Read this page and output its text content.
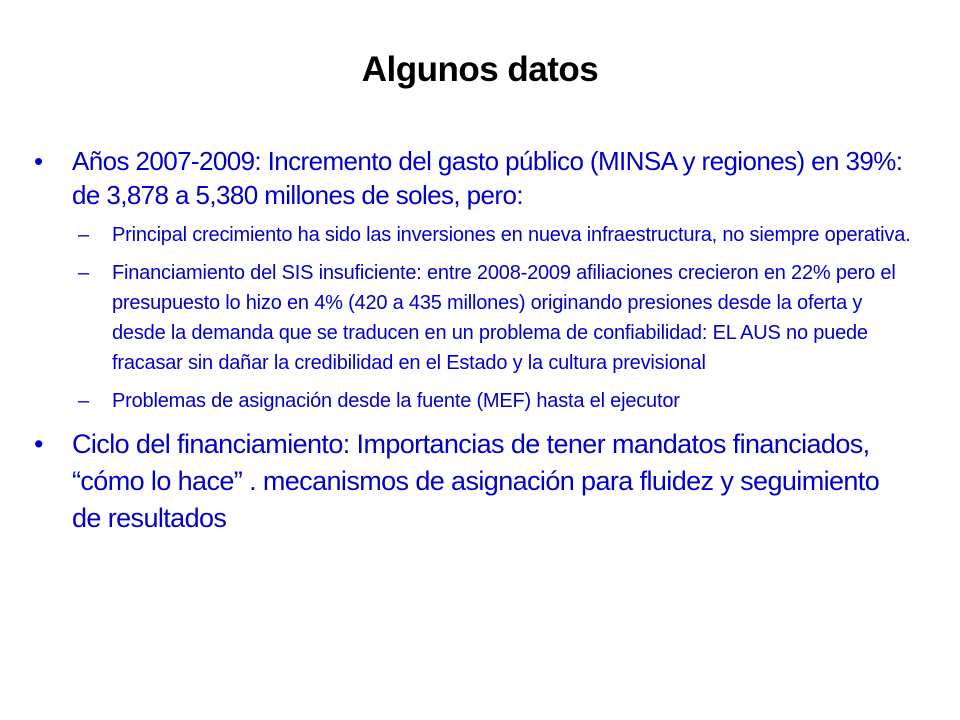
Algunos datos
•	Años 2007-2009: Incremento del gasto público (MINSA y regiones) en 39%: de 3,878 a 5,380 millones de soles, pero:
– Principal crecimiento ha sido las inversiones en nueva infraestructura, no siempre operativa.
– Financiamiento del SIS insuficiente: entre 2008-2009 afiliaciones crecieron en 22% pero el presupuesto lo hizo en 4% (420 a 435 millones) originando presiones desde la oferta y desde la demanda que se traducen en un problema de confiabilidad: EL AUS no puede fracasar sin dañar la credibilidad en el Estado y la cultura previsional
– Problemas de asignación desde la fuente (MEF) hasta el ejecutor
•	Ciclo del financiamiento: Importancias de tener mandatos financiados, “cómo lo hace” . mecanismos de asignación para fluidez y seguimiento de resultados
